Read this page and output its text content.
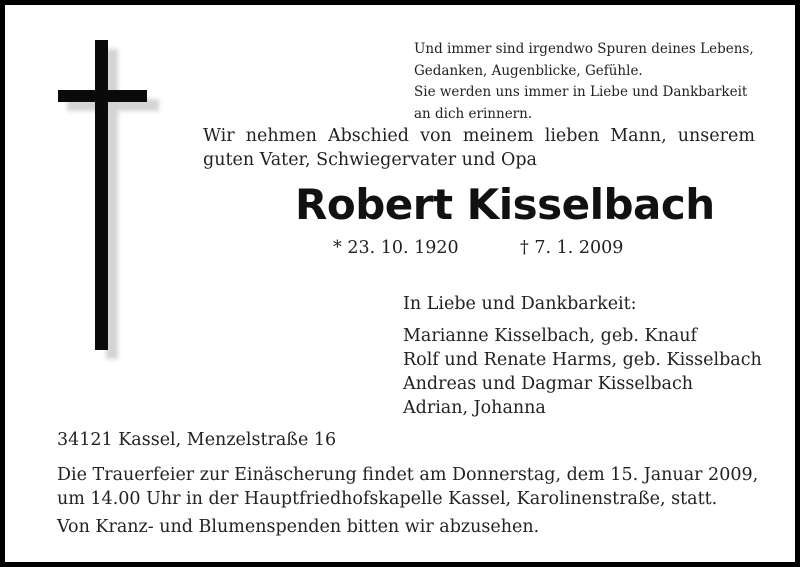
Und immer sind irgendwo Spuren deines Lebens,
Gedanken, Augenblicke, Gefühle.
Sie werden uns immer in Liebe und Dankbarkeit
an dich erinnern.
Wir nehmen Abschied von meinem lieben Mann, unserem
guten Vater, Schwiegervater und Opa
Robert Kisselbach
* 23. 10. 1920	† 7. 1. 2009
In Liebe und Dankbarkeit:
Marianne Kisselbach, geb. Knauf
Rolf und Renate Harms, geb. Kisselbach
Andreas und Dagmar Kisselbach
Adrian, Johanna
34121 Kassel, Menzelstraße 16
Die Trauerfeier zur Einäscherung findet am Donnerstag, dem 15. Januar 2009,
um 14.00 Uhr in der Hauptfriedhofskapelle Kassel, Karolinenstraße, statt.
Von Kranz- und Blumenspenden bitten wir abzusehen.
